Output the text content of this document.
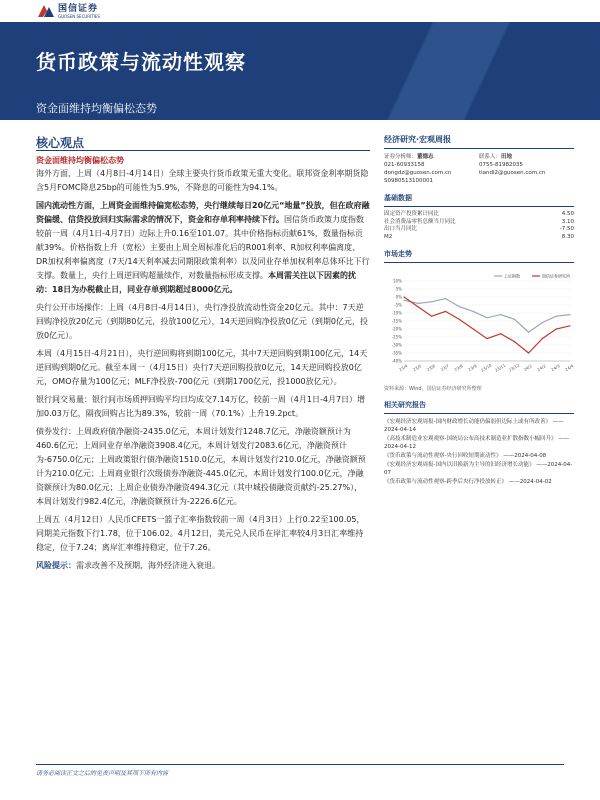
国信证券
GUOSEN SECURITIES
货币政策与流动性观察
资金面维持均衡偏松态势
核心观点
资金面维持均衡偏松态势

海外方面，上周（4月8日-4月14日）全球主要央行货币政策无重大变化。联邦资金利率期货隐含5月FOMC降息25bp的可能性为5.9%，不降息的可能性为94.1%。

国内流动性方面，上周资金面维持偏宽松态势，央行继续每日20亿元“地量”投放，但在政府融资偏缓、信贷投放回归实际需求的情况下，资金和存单利率持续下行。国信货币政策力度指数较前一周（4月1日-4月7日）边际上升0.16至101.07。其中价格指标贡献61%，数量指标贡献39%。价格指数上升（宽松）主要由上周全周标准化后的R001利率、R加权利率偏离度、DR加权利率偏离度（7天/14天利率减去同期限政策利率）以及同业存单加权利率总体环比下行支撑。数量上，央行上周逆回购超量续作，对数量指标形成支撑。本周需关注以下因素的扰动：18日为办税截止日，同业存单到期超过8000亿元。

央行公开市场操作：上周（4月8日-4月14日），央行净投放流动性资金20亿元。其中：7天逆回购净投放20亿元（到期80亿元，投放100亿元），14天逆回购净投放0亿元（到期0亿元，投放0亿元）。

本周（4月15日-4月21日），央行逆回购将到期100亿元，其中7天逆回购到期100亿元，14天逆回购到期0亿元。截至本周一（4月15日）央行7天逆回购投放0亿元，14天逆回购投放0亿元，OMO存量为100亿元；MLF净投放-700亿元（到期1700亿元，投1000放亿元）。

银行间交易量：银行间市场质押回购平均日均成交7.14万亿，较前一周（4月1日-4月7日）增加0.03万亿，隔夜回购占比为89.3%，较前一周（70.1%）上升19.2pct。

债券发行：上周政府债净融资-2435.0亿元，本周计划发行1248.7亿元，净融资额预计为460.6亿元；上周同业存单净融资3908.4亿元，本周计划发行2083.6亿元，净融资预计为-6750.0亿元；上周政策银行债净融资1510.0亿元，本周计划发行210.0亿元，净融资额预计为210.0亿元；上周商业银行次级债券净融资-445.0亿元，本周计划发行100.0亿元，净融资额预计为80.0亿元；上周企业债券净融资494.3亿元（其中城投债融资贡献约-25.27%），本周计划发行982.4亿元，净融资额预计为-2226.6亿元。

上周五（4月12日）人民币CFETS一篮子汇率指数较前一周（4月3日）上行0.22至100.05，同期美元指数下行1.78，位于106.02。4月12日，美元兑人民币在岸汇率较4月3日汇率维持稳定，位于7.24；离岸汇率维持稳定，位于7.26。

风险提示：需求改善不及预期，海外经济进入衰退。

经济研究·宏观周报
证券分析师：董德志
021-60933158
dongdz@guosen.com.cn
S0980513100001
联系人：田地
0755-81982035
tiandi2@guosen.com.cn
基础数据
固定资产投资累计同比	4.50
社会消费品零售总额当月同比	3.10
出口当月同比	-7.50
M2	8.30
市场走势
10%
5%
0%
-5%
-10%
-15%
-20%
-25%
-30%
-35%
-40%
23/4 23/5 23/6 23/7 23/8 23/9 23/10 23/11 23/12 24/1 24/2 24/3 24/4
上证指数	国信证券研究所
资料来源：Wind，国信证券经济研究所整理
相关研究报告
《宏观经济宏观周报-国内财政增长动能仍偏弱但边际上或有所改善》 ——2024-04-14
《高技术制造业宏观观察-国统局公布高技术制造业扩散指数小幅回升》 ——2024-04-12
《货币政策与流动性观察-央行回收短期流动性》 ——2024-04-08
《宏观经济宏观周报-国内以旧换新为主导的旧经济增长动能》 ——2024-04-07
《货币政策与流动性观察-跨季后央行净投放转正》 ——2024-04-02
请务必阅读正文之后的免责声明及其项下所有内容
